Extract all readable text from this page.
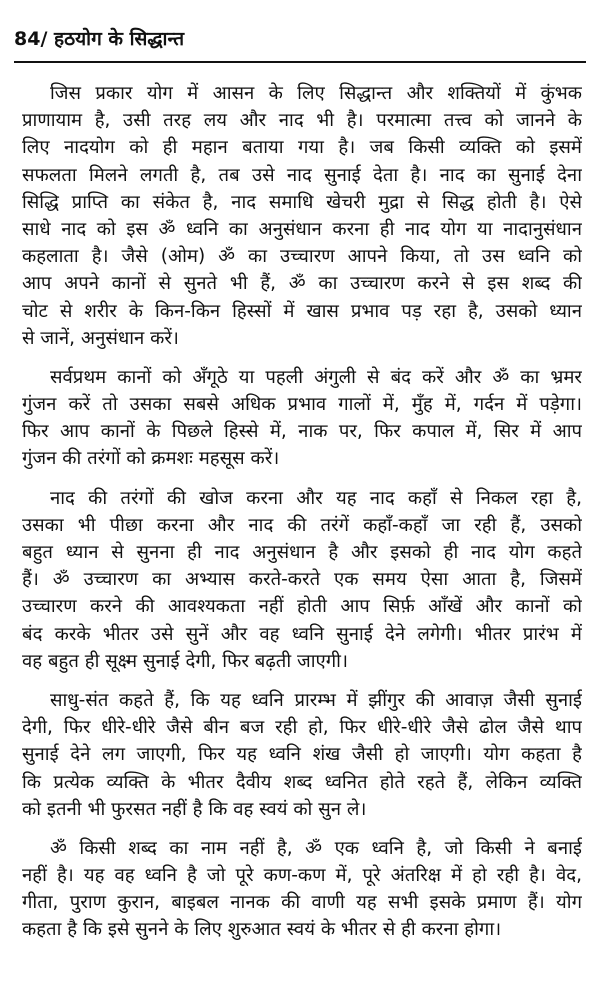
84/ हठयोग के सिद्धान्त
जिस प्रकार योग में आसन के लिए सिद्धान्त और शक्तियों में कुंभक
प्राणायाम है, उसी तरह लय और नाद भी है। परमात्मा तत्त्व को जानने के
लिए नादयोग को ही महान बताया गया है। जब किसी व्यक्ति को इसमें
सफलता मिलने लगती है, तब उसे नाद सुनाई देता है। नाद का सुनाई देना
सिद्धि प्राप्ति का संकेत है, नाद समाधि खेचरी मुद्रा से सिद्ध होती है। ऐसे
साधे नाद को इस ॐ ध्वनि का अनुसंधान करना ही नाद योग या नादानुसंधान
कहलाता है। जैसे (ओम) ॐ का उच्चारण आपने किया, तो उस ध्वनि को
आप अपने कानों से सुनते भी हैं, ॐ का उच्चारण करने से इस शब्द की
चोट से शरीर के किन-किन हिस्सों में खास प्रभाव पड़ रहा है, उसको ध्यान
से जानें, अनुसंधान करें।
सर्वप्रथम कानों को अँगूठे या पहली अंगुली से बंद करें और ॐ का भ्रमर
गुंजन करें तो उसका सबसे अधिक प्रभाव गालों में, मुँह में, गर्दन में पड़ेगा।
फिर आप कानों के पिछले हिस्से में, नाक पर, फिर कपाल में, सिर में आप
गुंजन की तरंगों को क्रमशः महसूस करें।
नाद की तरंगों की खोज करना और यह नाद कहाँ से निकल रहा है,
उसका भी पीछा करना और नाद की तरंगें कहाँ-कहाँ जा रही हैं, उसको
बहुत ध्यान से सुनना ही नाद अनुसंधान है और इसको ही नाद योग कहते
हैं। ॐ उच्चारण का अभ्यास करते-करते एक समय ऐसा आता है, जिसमें
उच्चारण करने की आवश्यकता नहीं होती आप सिर्फ़ आँखें और कानों को
बंद करके भीतर उसे सुनें और वह ध्वनि सुनाई देने लगेगी। भीतर प्रारंभ में
वह बहुत ही सूक्ष्म सुनाई देगी, फिर बढ़ती जाएगी।
साधु-संत कहते हैं, कि यह ध्वनि प्रारम्भ में झींगुर की आवाज़ जैसी सुनाई
देगी, फिर धीरे-धीरे जैसे बीन बज रही हो, फिर धीरे-धीरे जैसे ढोल जैसे थाप
सुनाई देने लग जाएगी, फिर यह ध्वनि शंख जैसी हो जाएगी। योग कहता है
कि प्रत्येक व्यक्ति के भीतर दैवीय शब्द ध्वनित होते रहते हैं, लेकिन व्यक्ति
को इतनी भी फुरसत नहीं है कि वह स्वयं को सुन ले।
ॐ किसी शब्द का नाम नहीं है, ॐ एक ध्वनि है, जो किसी ने बनाई
नहीं है। यह वह ध्वनि है जो पूरे कण-कण में, पूरे अंतरिक्ष में हो रही है। वेद,
गीता, पुराण कुरान, बाइबल नानक की वाणी यह सभी इसके प्रमाण हैं। योग
कहता है कि इसे सुनने के लिए शुरुआत स्वयं के भीतर से ही करना होगा।
